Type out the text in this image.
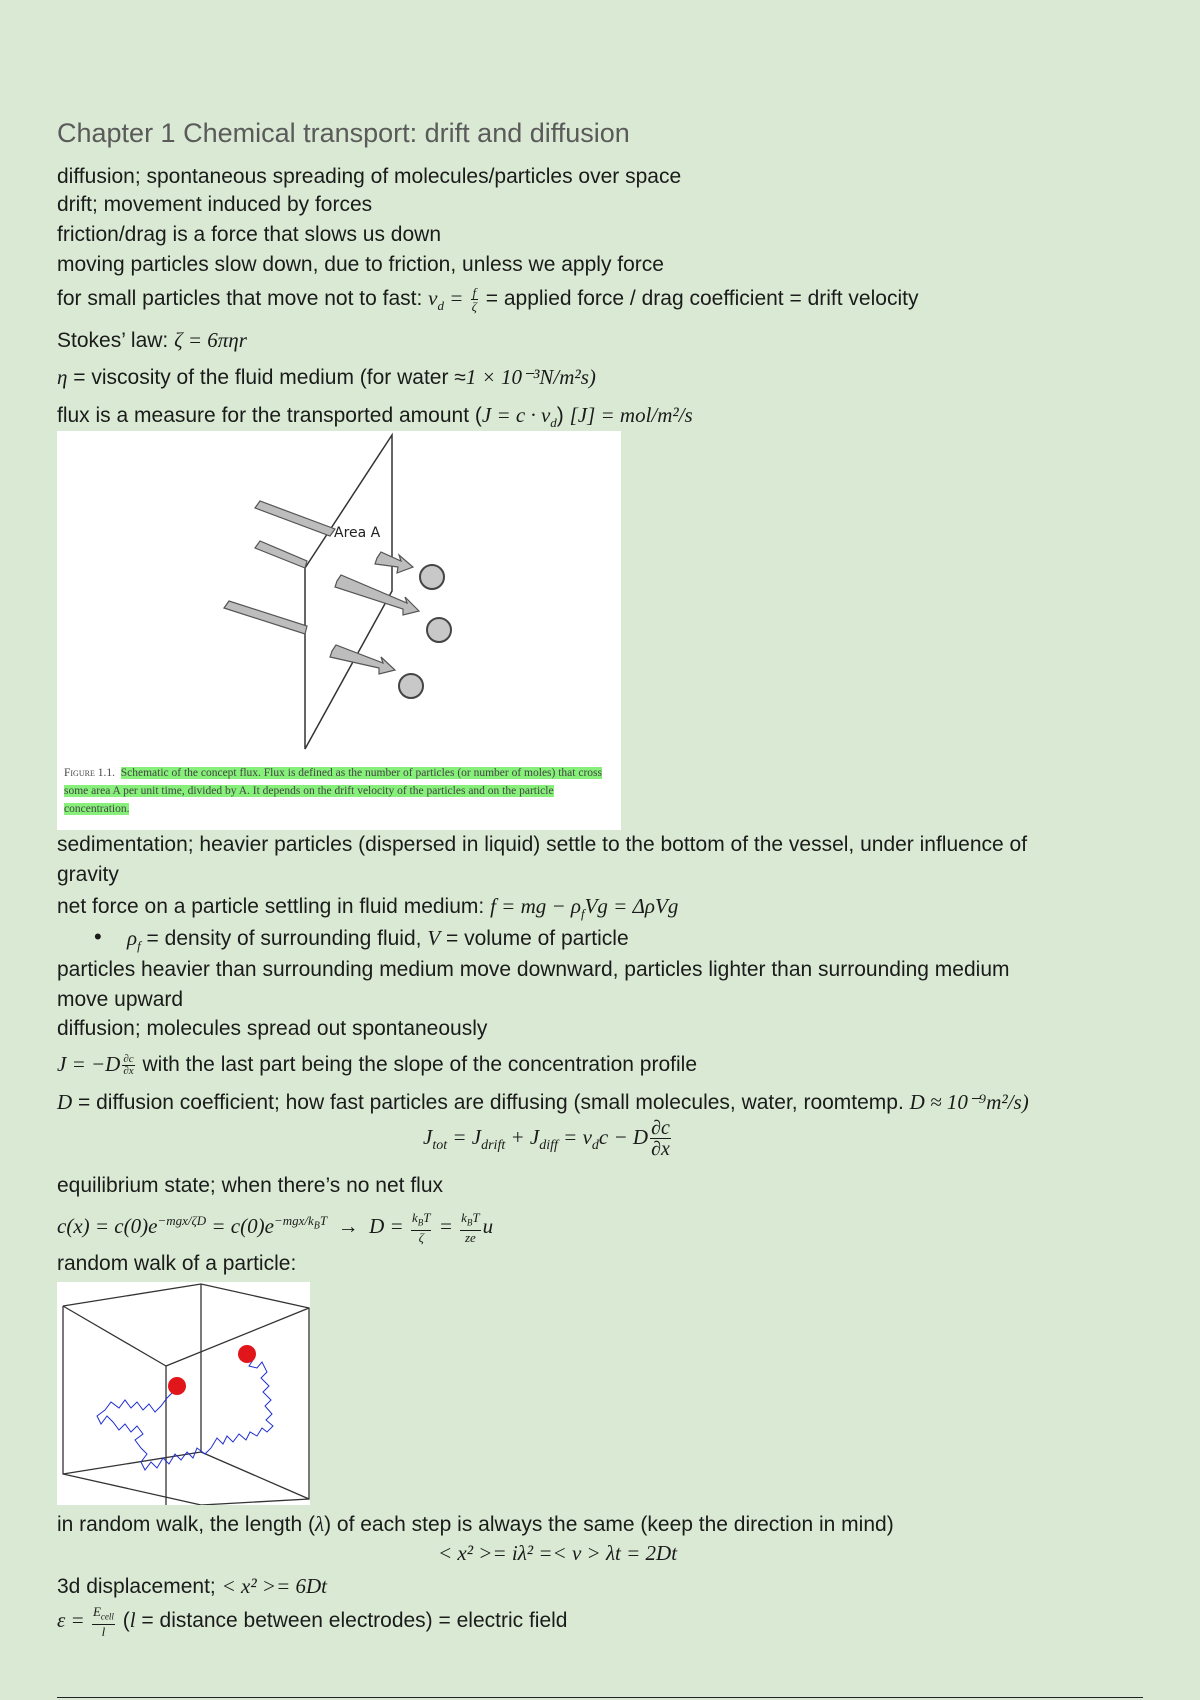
Chapter 1 Chemical transport: drift and diffusion
diffusion; spontaneous spreading of molecules/particles over space
drift; movement induced by forces
friction/drag is a force that slows us down
moving particles slow down, due to friction, unless we apply force
for small particles that move not to fast: $v_d = \frac{f}{\zeta}$ = applied force / drag coefficient = drift velocity
Stokes’ law: ζ = 6πηr
η = viscosity of the fluid medium (for water ≈1 × 10⁻³N/m²s)
flux is a measure for the transported amount $(J = c \cdot v_d)$ [J] = mol/m²/s
Area A
Figure 1.1. Schematic of the concept flux. Flux is defined as the number of particles (or number of moles) that cross some area A per unit time, divided by A. It depends on the drift velocity of the particles and on the particle concentration.
sedimentation; heavier particles (dispersed in liquid) settle to the bottom of the vessel, under influence of
gravity
net force on a particle settling in fluid medium: f = mg − $\rho_fVg = \Delta\rho Vg$
• $\rho_f$ = density of surrounding fluid, V = volume of particle
particles heavier than surrounding medium move downward, particles lighter than surrounding medium
move upward
diffusion; molecules spread out spontaneously
$J = -D \frac{\partial c}{\partial x}$ with the last part being the slope of the concentration profile
D = diffusion coefficient; how fast particles are diffusing (small molecules, water, roomtemp. D ≈ 10⁻⁹m²/s)
$J_{tot} = J_{drift} + J_{diff} = v_dc - D \frac{\partial c}{\partial x}$
equilibrium state; when there’s no net flux
$c(x) = c(0)e^{-mgx/\zeta D} = c(0)e^{-mgx/k_BT} \to D = \frac{k_BT}{\zeta} = \frac{k_BT}{ze}$ u
random walk of a particle:
in random walk, the length (λ) of each step is always the same (keep the direction in mind)
< x² >= iλ² =< v > λt = 2Dt
3d displacement; < x² >= 6Dt
$\varepsilon = \frac{E_{cell}}{l} (l$ = distance between electrodes) = electric field
